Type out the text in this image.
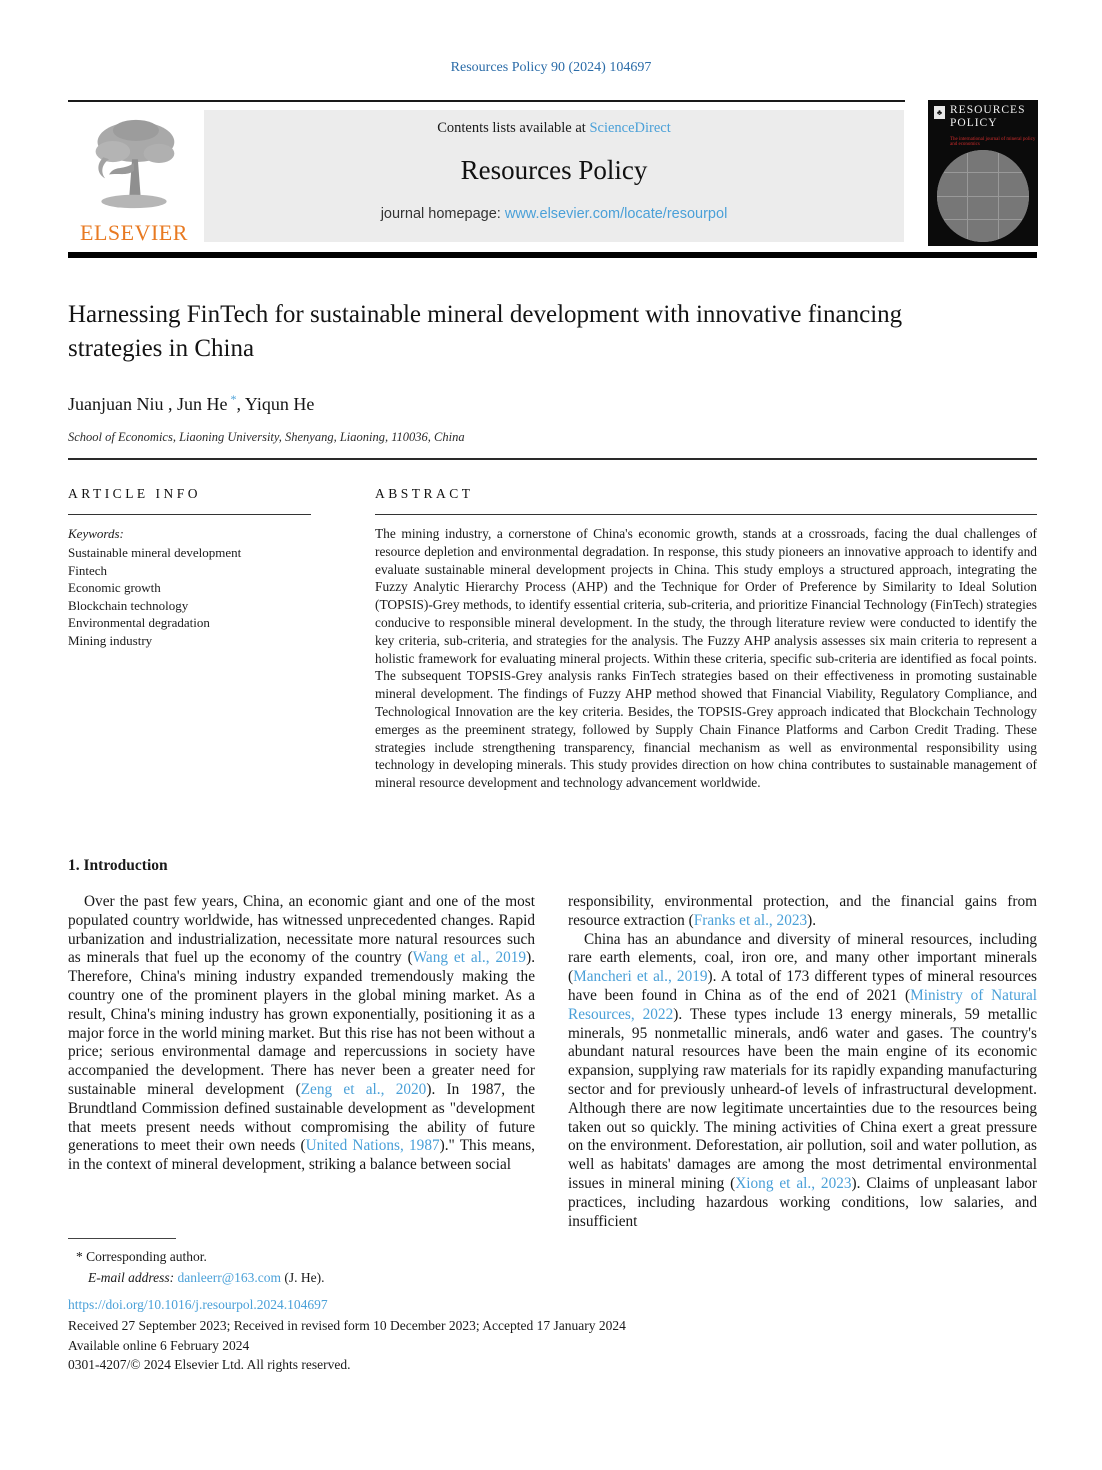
Resources Policy 90 (2024) 104697
ELSEVIER
Contents lists available at ScienceDirect
Resources Policy
journal homepage: www.elsevier.com/locate/resourpol
♣ RESOURCES
POLICY
The international journal of mineral policy and economics
Harnessing FinTech for sustainable mineral development with innovative financing strategies in China
Juanjuan Niu , Jun He *, Yiqun He
School of Economics, Liaoning University, Shenyang, Liaoning, 110036, China
ARTICLE INFO
Keywords:
Sustainable mineral development
Fintech
Economic growth
Blockchain technology
Environmental degradation
Mining industry
ABSTRACT
The mining industry, a cornerstone of China's economic growth, stands at a crossroads, facing the dual challenges of resource depletion and environmental degradation. In response, this study pioneers an innovative approach to identify and evaluate sustainable mineral development projects in China. This study employs a structured approach, integrating the Fuzzy Analytic Hierarchy Process (AHP) and the Technique for Order of Preference by Similarity to Ideal Solution (TOPSIS)-Grey methods, to identify essential criteria, sub-criteria, and prioritize Financial Technology (FinTech) strategies conducive to responsible mineral development. In the study, the through literature review were conducted to identify the key criteria, sub-criteria, and strategies for the analysis. The Fuzzy AHP analysis assesses six main criteria to represent a holistic framework for evaluating mineral projects. Within these criteria, specific sub-criteria are identified as focal points. The subsequent TOPSIS-Grey analysis ranks FinTech strategies based on their effectiveness in promoting sustainable mineral development. The findings of Fuzzy AHP method showed that Financial Viability, Regulatory Compliance, and Technological Innovation are the key criteria. Besides, the TOPSIS-Grey approach indicated that Blockchain Technology emerges as the preeminent strategy, followed by Supply Chain Finance Platforms and Carbon Credit Trading. These strategies include strengthening transparency, financial mechanism as well as environmental responsibility using technology in developing minerals. This study provides direction on how china contributes to sustainable management of mineral resource development and technology advancement worldwide.
1. Introduction

Over the past few years, China, an economic giant and one of the most populated country worldwide, has witnessed unprecedented changes. Rapid urbanization and industrialization, necessitate more natural resources such as minerals that fuel up the economy of the country (Wang et al., 2019). Therefore, China's mining industry expanded tremendously making the country one of the prominent players in the global mining market. As a result, China's mining industry has grown exponentially, positioning it as a major force in the world mining market. But this rise has not been without a price; serious environmental damage and repercussions in society have accompanied the development. There has never been a greater need for sustainable mineral development (Zeng et al., 2020). In 1987, the Brundtland Commission defined sustainable development as "development that meets present needs without compromising the ability of future generations to meet their own needs (United Nations, 1987)." This means, in the context of mineral development, striking a balance between social

responsibility, environmental protection, and the financial gains from resource extraction (Franks et al., 2023).

China has an abundance and diversity of mineral resources, including rare earth elements, coal, iron ore, and many other important minerals (Mancheri et al., 2019). A total of 173 different types of mineral resources have been found in China as of the end of 2021 (Ministry of Natural Resources, 2022). These types include 13 energy minerals, 59 metallic minerals, 95 nonmetallic minerals, and6 water and gases. The country's abundant natural resources have been the main engine of its economic expansion, supplying raw materials for its rapidly expanding manufacturing sector and for previously unheard-of levels of infrastructural development. Although there are now legitimate uncertainties due to the resources being taken out so quickly. The mining activities of China exert a great pressure on the environment. Deforestation, air pollution, soil and water pollution, as well as habitats' damages are among the most detrimental environmental issues in mineral mining (Xiong et al., 2023). Claims of unpleasant labor practices, including hazardous working conditions, low salaries, and insufficient

* Corresponding author.
E-mail address: danleerr@163.com (J. He).
https://doi.org/10.1016/j.resourpol.2024.104697
Received 27 September 2023; Received in revised form 10 December 2023; Accepted 17 January 2024
Available online 6 February 2024
0301-4207/© 2024 Elsevier Ltd. All rights reserved.
